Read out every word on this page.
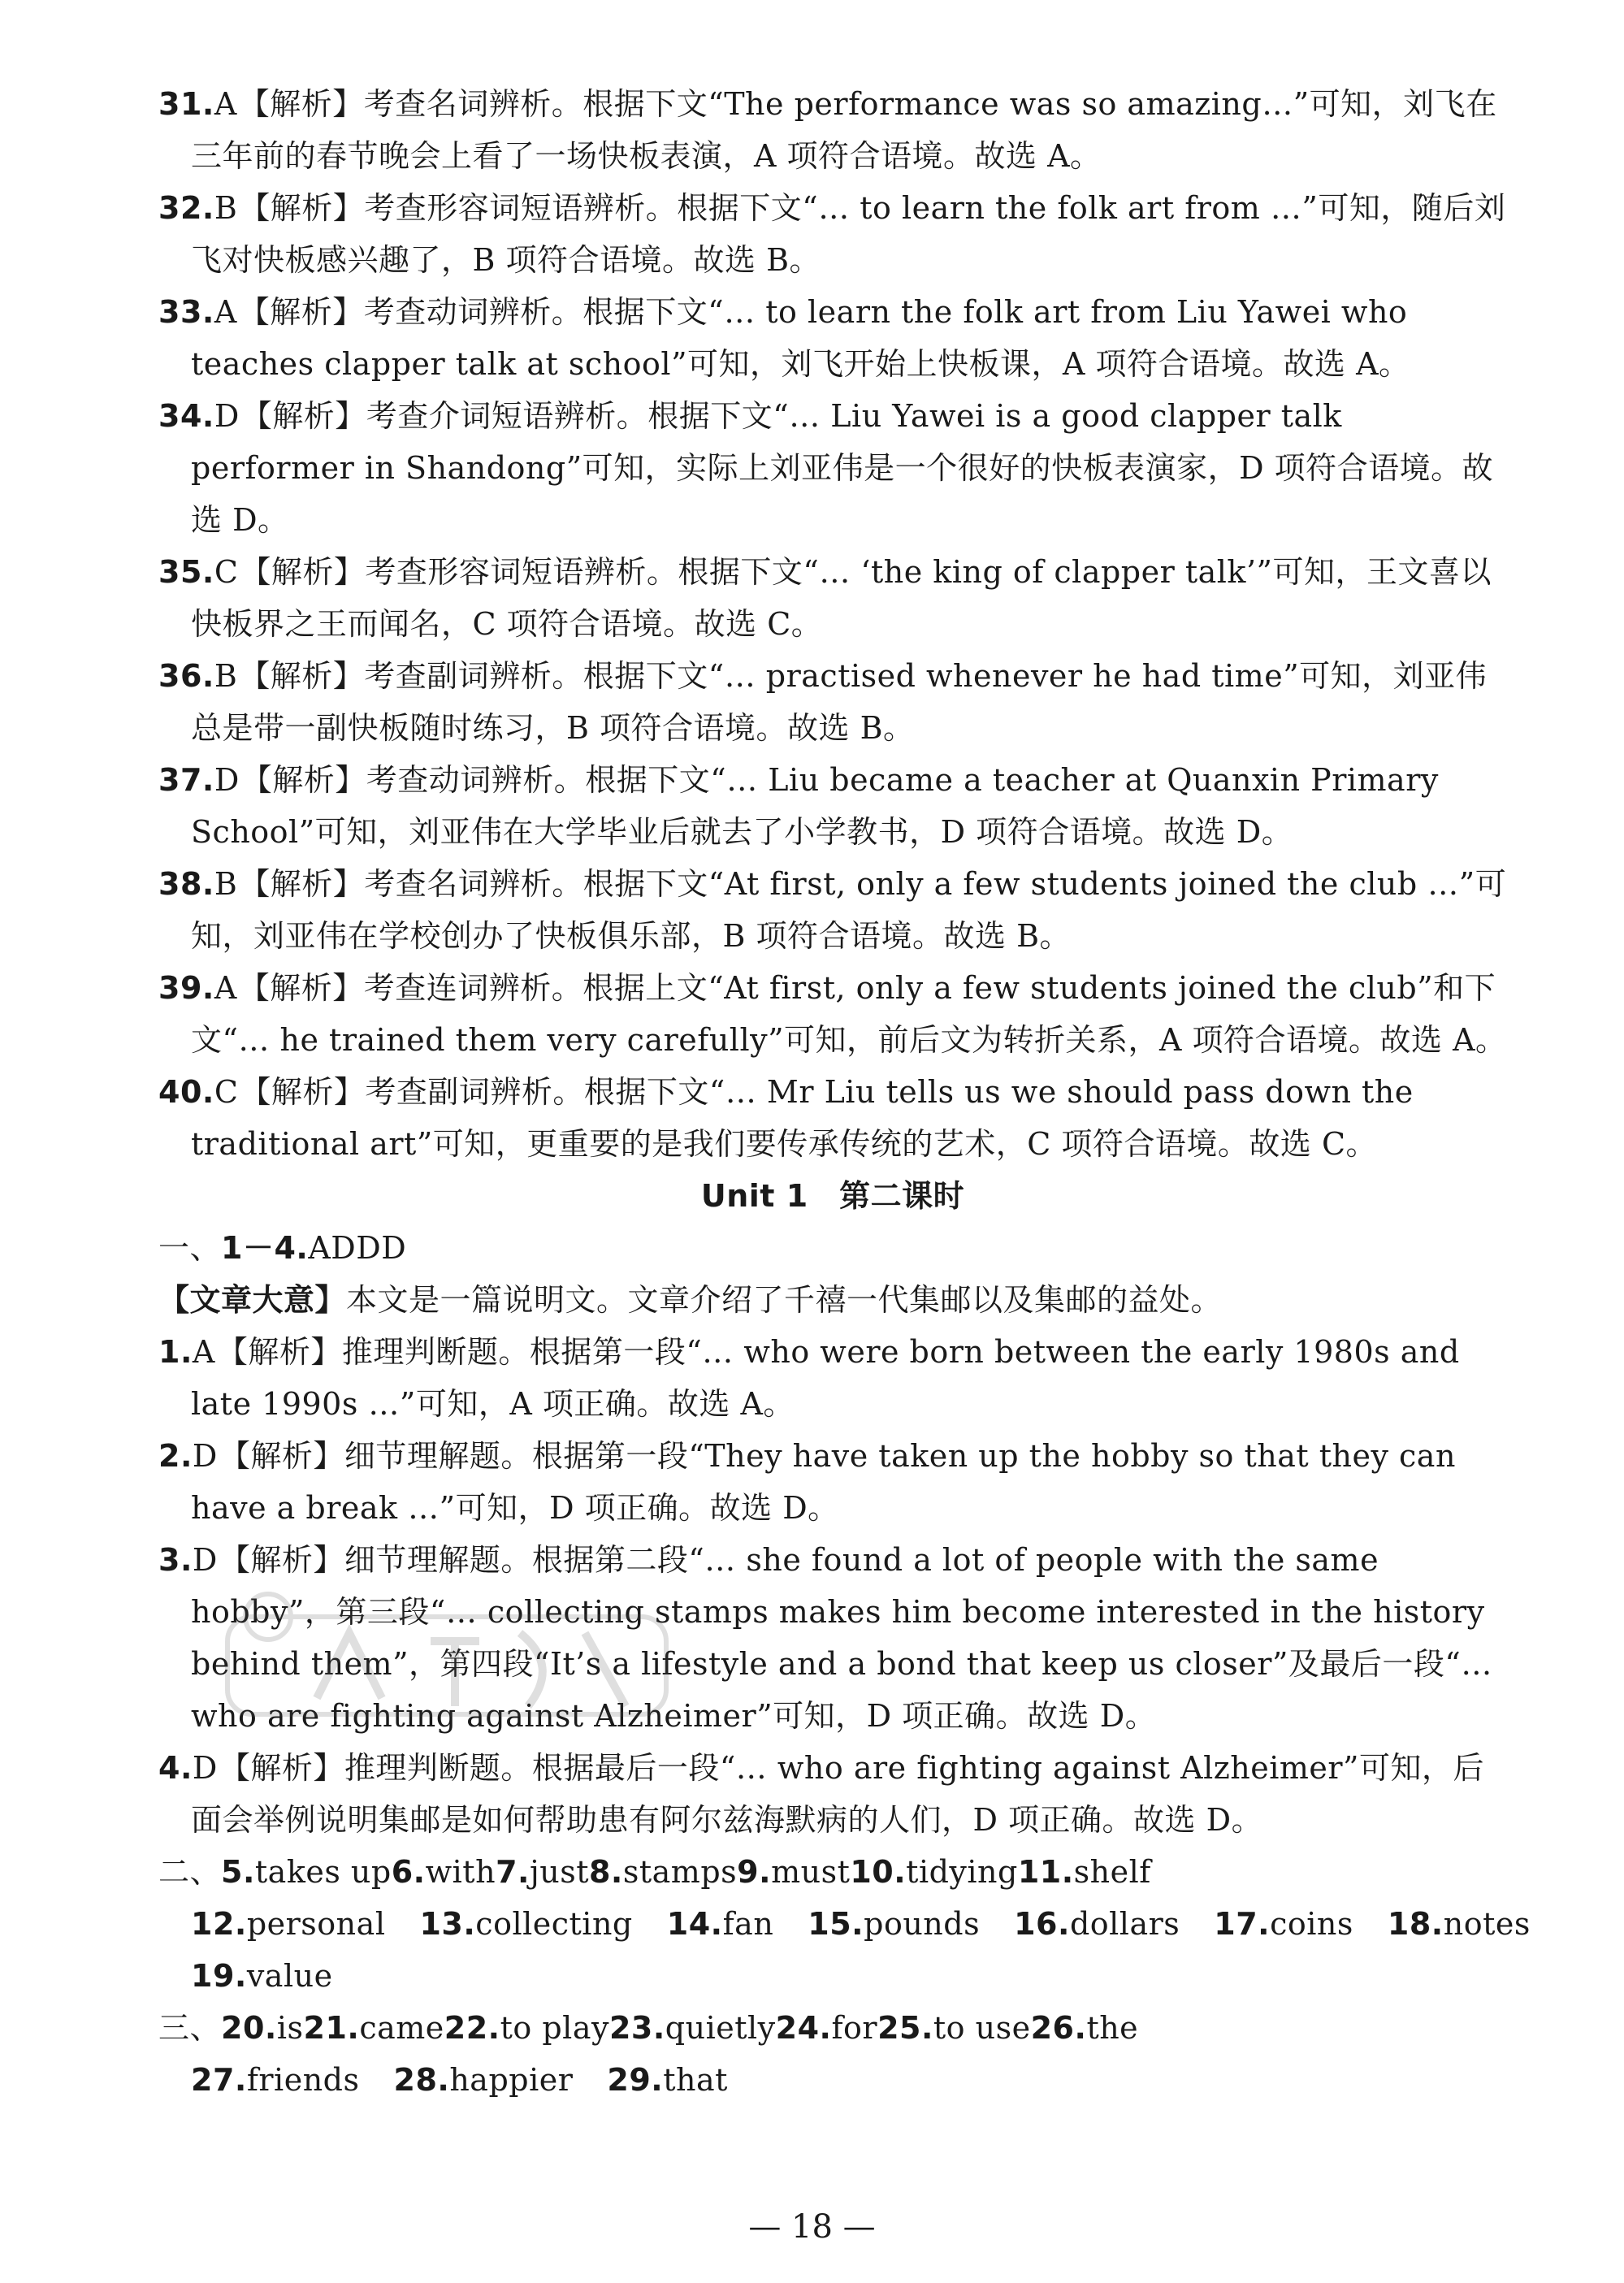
31.A【解析】考查名词辨析。根据下文“The performance was so amazing…”可知，刘飞在三年前的春节晚会上看了一场快板表演，A 项符合语境。故选 A。

32.B【解析】考查形容词短语辨析。根据下文“… to learn the folk art from …”可知，随后刘飞对快板感兴趣了，B 项符合语境。故选 B。

33.A【解析】考查动词辨析。根据下文“… to learn the folk art from Liu Yawei who teaches clapper talk at school”可知，刘飞开始上快板课，A 项符合语境。故选 A。

34.D【解析】考查介词短语辨析。根据下文“… Liu Yawei is a good clapper talk performer in Shandong”可知，实际上刘亚伟是一个很好的快板表演家，D 项符合语境。故选 D。

35.C【解析】考查形容词短语辨析。根据下文“… ‘the king of clapper talk’”可知，王文喜以快板界之王而闻名，C 项符合语境。故选 C。

36.B【解析】考查副词辨析。根据下文“… practised whenever he had time”可知，刘亚伟总是带一副快板随时练习，B 项符合语境。故选 B。

37.D【解析】考查动词辨析。根据下文“… Liu became a teacher at Quanxin Primary School”可知，刘亚伟在大学毕业后就去了小学教书，D 项符合语境。故选 D。

38.B【解析】考查名词辨析。根据下文“At first, only a few students joined the club …”可知，刘亚伟在学校创办了快板俱乐部，B 项符合语境。故选 B。

39.A【解析】考查连词辨析。根据上文“At first, only a few students joined the club”和下文“… he trained them very carefully”可知，前后文为转折关系，A 项符合语境。故选 A。

40.C【解析】考查副词辨析。根据下文“… Mr Liu tells us we should pass down the traditional art”可知，更重要的是我们要传承传统的艺术，C 项符合语境。故选 C。

Unit 1　第二课时

一、1－4.ADDD

【文章大意】本文是一篇说明文。文章介绍了千禧一代集邮以及集邮的益处。

1.A【解析】推理判断题。根据第一段“… who were born between the early 1980s and late 1990s …”可知，A 项正确。故选 A。

2.D【解析】细节理解题。根据第一段“They have taken up the hobby so that they can have a break …”可知，D 项正确。故选 D。

3.D【解析】细节理解题。根据第二段“… she found a lot of people with the same hobby”，第三段“… collecting stamps makes him become interested in the history behind them”，第四段“It’s a lifestyle and a bond that keep us closer”及最后一段“… who are fighting against Alzheimer”可知，D 项正确。故选 D。

4.D【解析】推理判断题。根据最后一段“… who are fighting against Alzheimer”可知，后面会举例说明集邮是如何帮助患有阿尔兹海默病的人们，D 项正确。故选 D。

二、5.takes up6.with7.just8.stamps9.must10.tidying11.shelf

12.personal 13.collecting 14.fan 15.pounds 16.dollars 17.coins 18.notes

19.value

三、20.is21.came22.to play23.quietly24.for25.to use26.the

27.friends 28.happier 29.that

— 18 —
